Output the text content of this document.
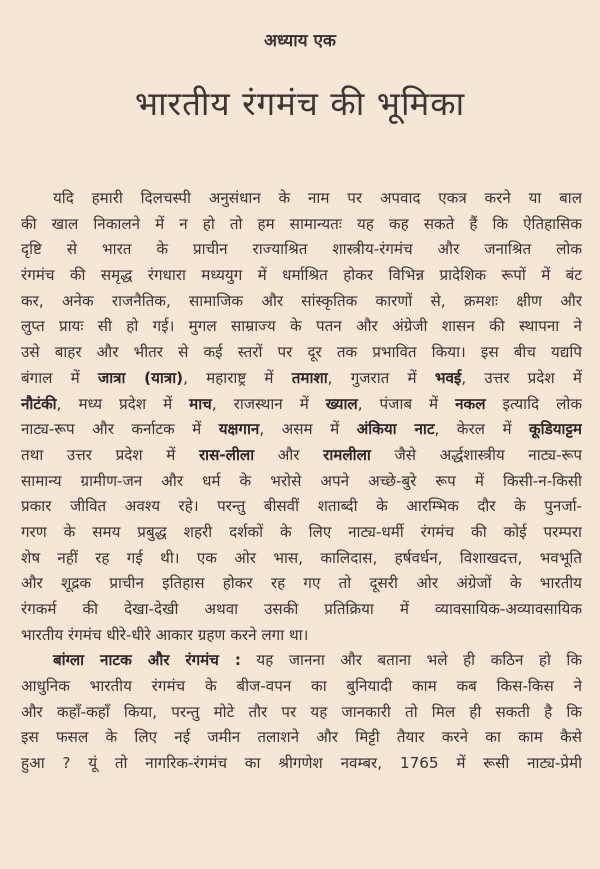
अध्याय एक
भारतीय रंगमंच की भूमिका
यदि हमारी दिलचस्पी अनुसंधान के नाम पर अपवाद एकत्र करने या बाल
की खाल निकालने में न हो तो हम सामान्यतः यह कह सकते हैं कि ऐतिहासिक
दृष्टि से भारत के प्राचीन राज्याश्रित शास्त्रीय-रंगमंच और जनाश्रित लोक
रंगमंच की समृद्ध रंगधारा मध्ययुग में धर्माश्रित होकर विभिन्न प्रादेशिक रूपों में बंट
कर, अनेक राजनैतिक, सामाजिक और सांस्कृतिक कारणों से, क्रमशः क्षीण और
लुप्त प्रायः सी हो गई। मुगल साम्राज्य के पतन और अंग्रेजी शासन की स्थापना ने
उसे बाहर और भीतर से कई स्तरों पर दूर तक प्रभावित किया। इस बीच यद्यपि
बंगाल में जात्रा (यात्रा), महाराष्ट्र में तमाशा, गुजरात में भवई, उत्तर प्रदेश में
नौटंकी, मध्य प्रदेश में माच, राजस्थान में ख्याल, पंजाब में नकल इत्यादि लोक
नाट्य-रूप और कर्नाटक में यक्षगान, असम में अंकिया नाट, केरल में कूडियाट्टम
तथा उत्तर प्रदेश में रास-लीला और रामलीला जैसे अर्द्धशास्त्रीय नाट्य-रूप
सामान्य ग्रामीण-जन और धर्म के भरोसे अपने अच्छे-बुरे रूप में किसी-न-किसी
प्रकार जीवित अवश्य रहे। परन्तु बीसवीं शताब्दी के आरम्भिक दौर के पुनर्जा-
गरण के समय प्रबुद्ध शहरी दर्शकों के लिए नाट्य-धर्मी रंगमंच की कोई परम्परा
शेष नहीं रह गई थी। एक ओर भास, कालिदास, हर्षवर्धन, विशाखदत्त, भवभूति
और शूद्रक प्राचीन इतिहास होकर रह गए तो दूसरी ओर अंग्रेजों के भारतीय
रंगकर्म की देखा-देखी अथवा उसकी प्रतिक्रिया में व्यावसायिक-अव्यावसायिक
भारतीय रंगमंच धीरे-धीरे आकार ग्रहण करने लगा था।
बांग्ला नाटक और रंगमंच : यह जानना और बताना भले ही कठिन हो कि
आधुनिक भारतीय रंगमंच के बीज-वपन का बुनियादी काम कब किस-किस ने
और कहाँ-कहाँ किया, परन्तु मोटे तौर पर यह जानकारी तो मिल ही सकती है कि
इस फसल के लिए नई जमीन तलाशने और मिट्टी तैयार करने का काम कैसे
हुआ ? यूं तो नागरिक-रंगमंच का श्रीगणेश नवम्बर, 1765 में रूसी नाट्य-प्रेमी
